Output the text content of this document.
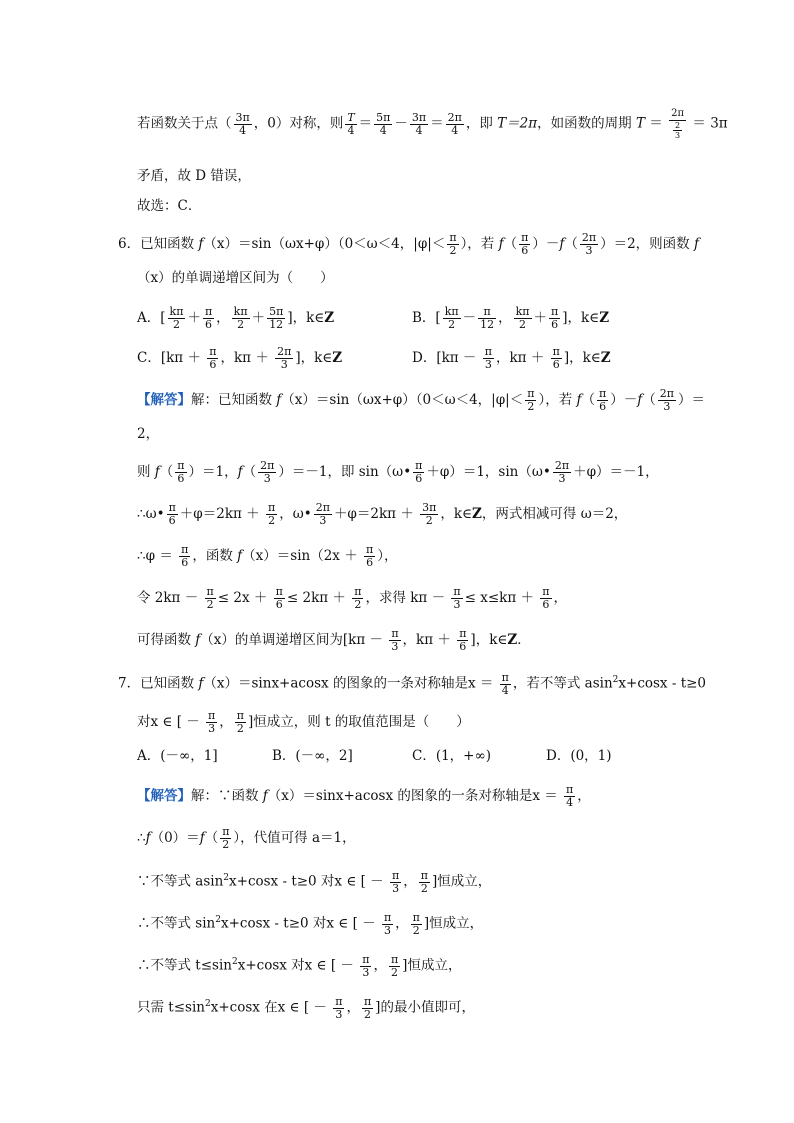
若函数关于点（ $\frac{3\pi}{4}$ ，0）对称，则 $\frac{T}{4} = \frac{5\pi}{4} - \frac{3\pi}{4} = \frac{2\pi}{4}$ ，即 T＝2π，如函数的周期 $T = \frac{2\pi}{\frac{2}{3}} = 3\pi$
矛盾，故 D 错误，
故选：C．
6．已知函数 f（x）＝sin（ωx+φ）（0＜ω＜4，$|\varphi|< \frac{\pi}{2}$ ），若 $f( \frac{\pi}{6} )-f( \frac{2\pi}{3} )=2$，则函数 f
（x）的单调递增区间为（　　）
A．[ $\frac{k\pi}{2} + \frac{\pi}{6}$ ， $\frac{k\pi}{2} + \frac{5\pi}{12}$ ]，k∈Z	B．[ $\frac{k\pi}{2} - \frac{\pi}{12}$ ， $\frac{k\pi}{2} + \frac{\pi}{6}$ ]，k∈Z
C．[$k\pi + \frac{\pi}{6}$ ，$k\pi + \frac{2\pi}{3}$ ]，k∈Z	D．[$k\pi - \frac{\pi}{3}$ ，$k\pi + \frac{\pi}{6}$ ]，k∈Z
【解答】解：已知函数 f（x）＝sin（ωx+φ）（0＜ω＜4，$|\varphi|< \frac{\pi}{2}$ ），若 $f( \frac{\pi}{6} )-f( \frac{2\pi}{3}$ ）＝
2，
则 $f( \frac{\pi}{6} )=1$，$f( \frac{2\pi}{3} )=-1$，即 sin（ω• $\frac{\pi}{6} +\varphi)=1$，sin（ω• $\frac{2\pi}{3} +\varphi)=-1$，
∴ω• $\frac{\pi}{6} +\varphi=2k\pi + \frac{\pi}{2}$ ，ω• $\frac{2\pi}{3} +\varphi=2k\pi + \frac{3\pi}{2}$ ，k∈Z，两式相减可得 ω＝2，
∴φ ＝ $\frac{\pi}{6}$ ，函数 $f(x)=\sin(2x + \frac{\pi}{6}$ ），
令 $2k\pi - \frac{\pi}{2} \le 2x + \frac{\pi}{6} \le 2k\pi + \frac{\pi}{2}$ ，求得 $k\pi - \frac{\pi}{3} \le x\le k\pi + \frac{\pi}{6}$ ，
可得函数 f（x）的单调递增区间为[$k\pi - \frac{\pi}{3}$ ，$k\pi + \frac{\pi}{6}$ ]，k∈Z．
7．已知函数 f（x）＝sinx+acosx 的图象的一条对称轴是$x = \frac{\pi}{4}$ ，若不等式 asin$^2$x+cosx - t≥0
对x ∈ [ － $\frac{\pi}{3}$ ， $\frac{\pi}{2}$ ]恒成立，则 t 的取值范围是（　　）
A．(－∞，1]	B．(－∞，2]	C．(1，+∞)	D．(0，1)
【解答】解：∵函数 f（x）＝sinx+acosx 的图象的一条对称轴是$x = \frac{\pi}{4}$ ，
∴f（0）＝f（ $\frac{\pi}{2}$ ），代值可得 a＝1，
∵不等式 asin$^2$x+cosx - t≥0 对x ∈ [ － $\frac{\pi}{3}$ ， $\frac{\pi}{2}$ ]恒成立，
∴不等式 $\sin^2x+\cos x - t\ge 0$ 对x ∈ [ － $\frac{\pi}{3}$ ， $\frac{\pi}{2}$ ]恒成立，
∴不等式 $t\le\sin^2x+\cos x$ 对x ∈ [ － $\frac{\pi}{3}$ ， $\frac{\pi}{2}$ ]恒成立，
只需 $t\le\sin^2x+\cos x$ 在x ∈ [ － $\frac{\pi}{3}$ ， $\frac{\pi}{2}$ ]的最小值即可，
